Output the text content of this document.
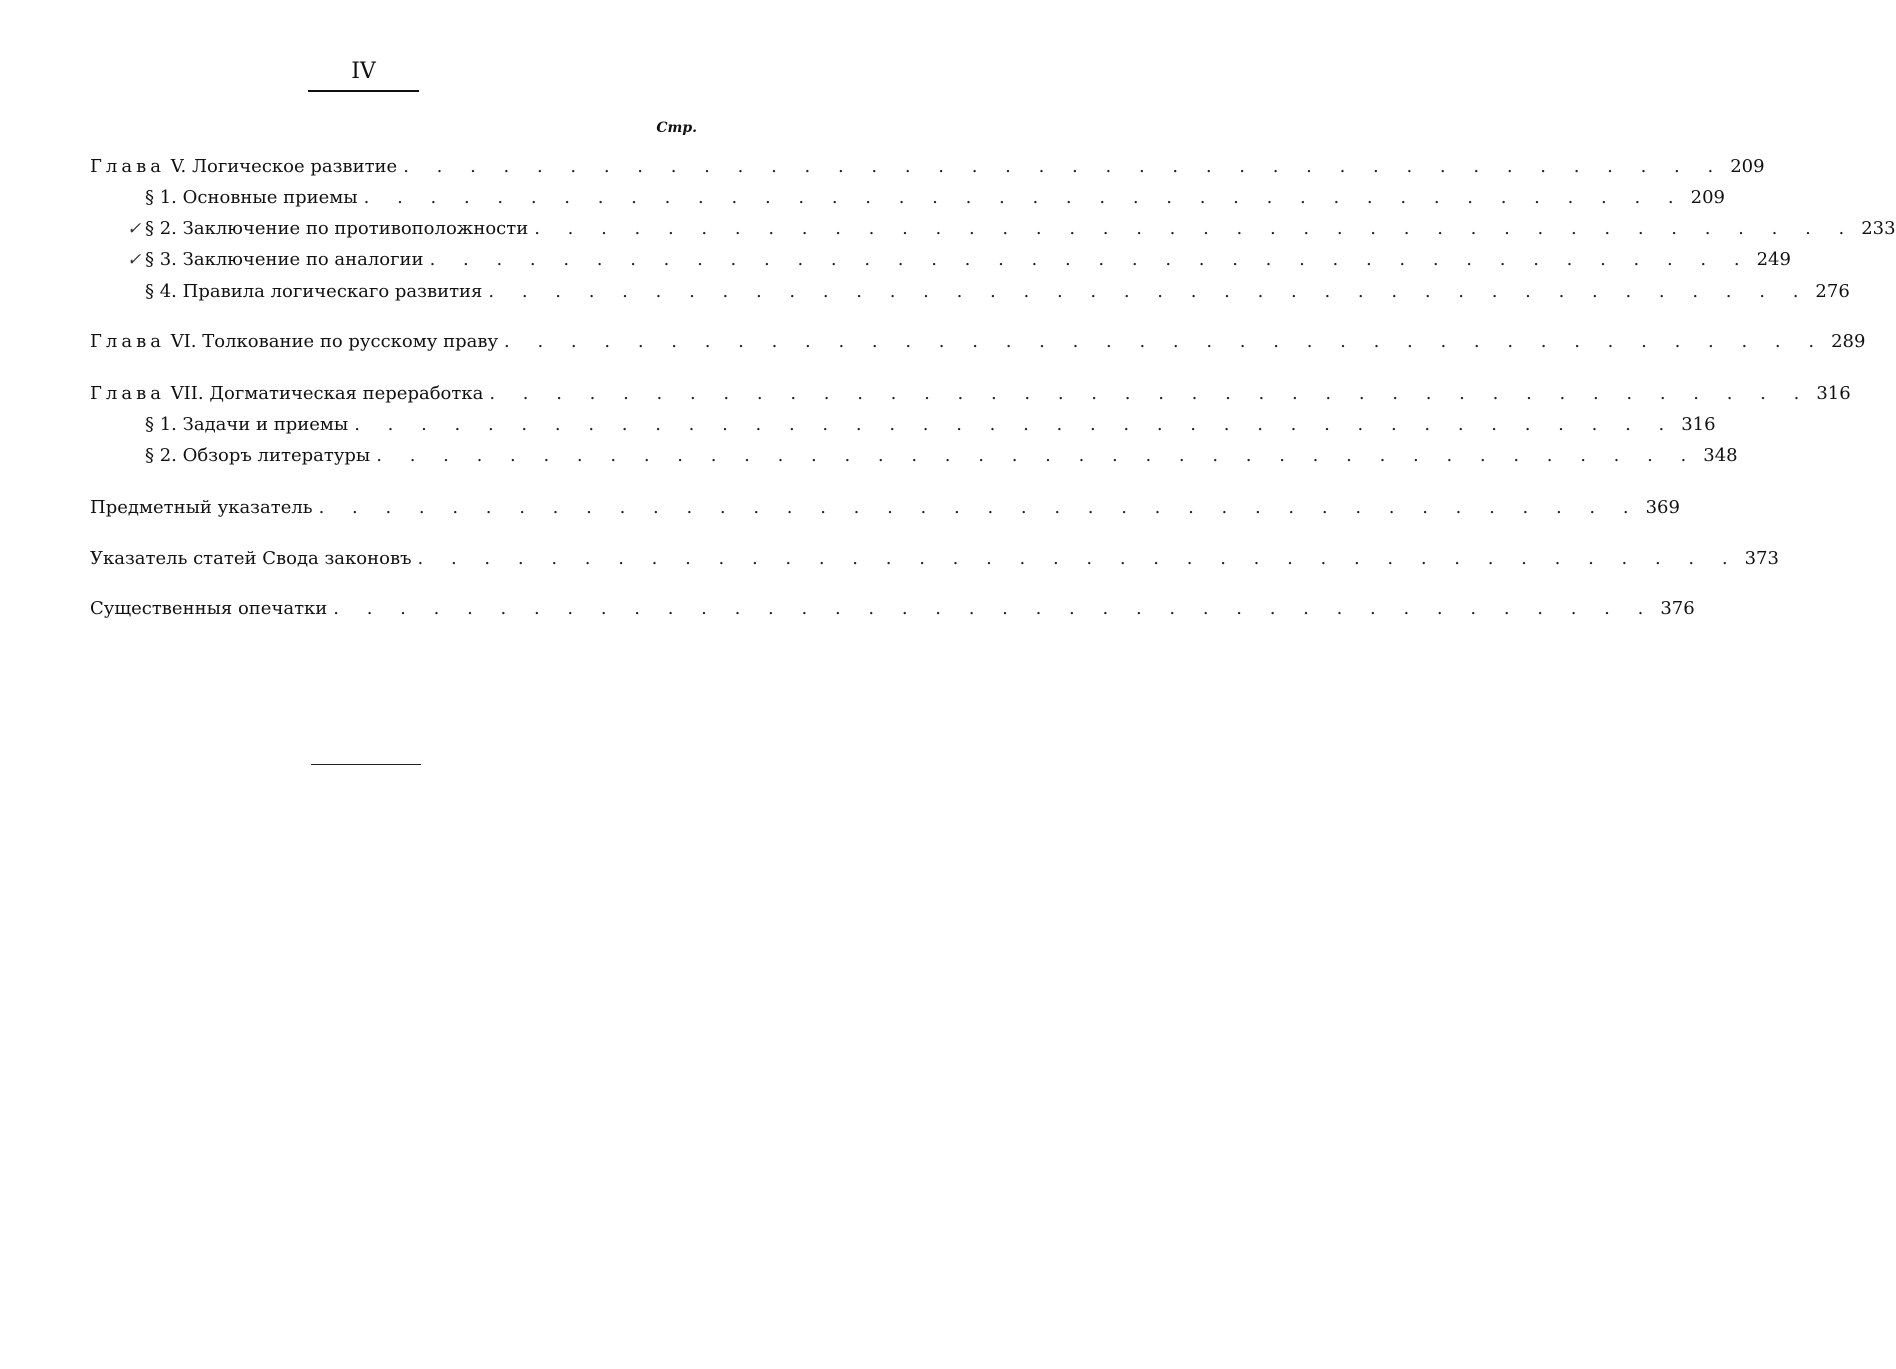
IV
Стр.
Глава V. Логическое развитие . . . . . . . . . . . . . . . . . . . . . . . . . . . . . . . . . . . . . . . . 209
§ 1. Основные приемы . . . . . . . . . . . . . . . . . . . . . . . . . . . . . . . . . . . . . . . . 209
✓ § 2. Заключение по противоположности . . . . . . . . . . . . . . . . . . . . . . . . . . . . . . . . . . . . . . . . 233
✓ § 3. Заключение по аналогии . . . . . . . . . . . . . . . . . . . . . . . . . . . . . . . . . . . . . . . . 249
§ 4. Правила логическаго развития . . . . . . . . . . . . . . . . . . . . . . . . . . . . . . . . . . . . . . . . 276
Глава VI. Толкование по русскому праву . . . . . . . . . . . . . . . . . . . . . . . . . . . . . . . . . . . . . . . . 289
Глава VII. Догматическая переработка . . . . . . . . . . . . . . . . . . . . . . . . . . . . . . . . . . . . . . . . 316
§ 1. Задачи и приемы . . . . . . . . . . . . . . . . . . . . . . . . . . . . . . . . . . . . . . . . 316
§ 2. Обзоръ литературы . . . . . . . . . . . . . . . . . . . . . . . . . . . . . . . . . . . . . . . . 348
Предметный указатель . . . . . . . . . . . . . . . . . . . . . . . . . . . . . . . . . . . . . . . . 369
Указатель статей Свода законовъ . . . . . . . . . . . . . . . . . . . . . . . . . . . . . . . . . . . . . . . . 373
Существенныя опечатки . . . . . . . . . . . . . . . . . . . . . . . . . . . . . . . . . . . . . . . . 376
